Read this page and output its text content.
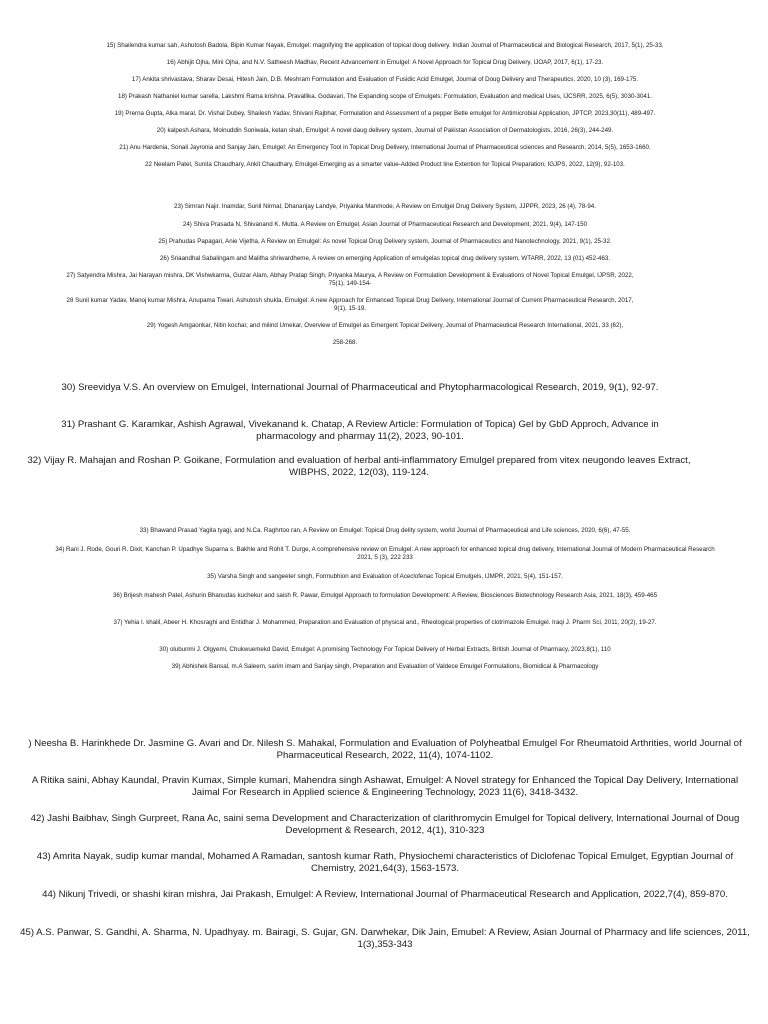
15) Shailendra kumar sah, Ashutosh Badola, Bipin Kumar Nayak, Emulgel: magnifying the application of topical doug delivery. Indian Journal of Pharmaceutical and Biological Research, 2017, 5(1), 25-33.

16) Abhijit Ojha, Mini Ojha, and N.V. Satheesh Madhav, Recent Advancement in Emulgel: A Novel Approach for Topical Drug Delivery, IJOAP, 2017, 6(1), 17-23.

17) Ankita shrivastava, Sharav Desai, Hitesh Jain, D.B. Meshram Formulation and Evaluation of Fusidic Acid Emulgel, Journal of Doug Delivery and Therapeutics, 2020, 10 (3), 169-175.

18) Prakash Nathaniel kumar sarella, Lakshmi Rama krishna. Pravallika. Godavari, The Expanding scope of Emulgels: Formulation, Evaluation and medical Uses, IJCSRR, 2025, 6(5), 3030-3041.

19) Prerna Gupta, Alka maral, Dr. Vishal Dubey, Shailesh Yadav, Shivani Rajbhar, Formulation and Assessment of a pepper Betle emulgel for Antimicrobial Application, JPTCP, 2023,30(11), 489-497.

20) kalpesh Ashara, Moinuddin Soniwala, ketan shah, Emulgel: A novel daug delivery system, Journal of Pakistan Association of Dermatologists, 2016, 26(3), 244-249.

21) Anu Hardenia, Sonali Jayronia and Sanjay Jain, Emulgel: An Emergency Tool in Topical Drug Delivery, International Journal of Pharmaceutical sciences and Research, 2014, 5(5), 1653-1660.

22 Neelam Patel, Sunita Chaudhary, Ankit Chaudhary, Emulgel-Emerging as a smarter value-Added Product line Extention for Topical Preparation, IGJPS, 2022, 12(9), 92-103.

23) Simran Najir. Inamdar, Sunil Nirmal, Dhananjay Landye, Priyanka Manmode, A Review on Emulgel Drug Delivery System, JJPPR, 2023, 26 (4), 78-94.

24) Shiva Prasada N, Shivanand K. Mutta. A Review on Emulgel, Asian Journal of Pharmaceutical Research and Development, 2021, 9(4), 147-150

25) Prahudas Papagari, Anie Vijetha, A Review on Emulgel: As novel Topical Drug Delivery system, Journal of Pharmaceutics and Nanotechnology, 2021, 9(1), 25-32.

26) Sriaandhal Sabalingam and Malitha shriwardheme, A review on emerging Application of emulgelas topical drug delivery system, WTARR, 2022, 13 (01) 452-463.

27) Satyendra Mishra, Jai Narayan mishra, DK Vishwkarma, Gulzar Alam, Abhay Pratap Singh, Priyanka Maurya, A Review on Formulation Development & Evaluations of Novel Topical Emulgel, IJPSR, 2022, 75(1), 149-154-

28 Sunil kumar Yadav, Manoj kumar Mishra, Anupama Tiwari, Ashutosh shukla, Emulgel: A new Approach for Enhanced Topical Drug Delivery, International Journal of Current Pharmaceutical Research, 2017, 9(1), 15-19.

29) Yogesh Amgaonkar, Nitin kochar, and milind Umekar, Overview of Emulgel as Emergent Topical Delivery, Journal of Pharmaceutical Research International, 2021, 33 (62),

258-268.

30) Sreevidya V.S. An overview on Emulgel, International Journal of Pharmaceutical and Phytopharmacological Research, 2019, 9(1), 92-97.

31) Prashant G. Karamkar, Ashish Agrawal, Vivekanand k. Chatap, A Review Article: Formulation of Topica) Gel by GbD Approch, Advance in pharmacology and pharmay 11(2), 2023, 90-101.

32) Vijay R. Mahajan and Roshan P. Goikane, Formulation and evaluation of herbal anti-inflammatory Emulgel prepared from vitex neugondo leaves Extract, WIBPHS, 2022, 12(03), 119-124.

33) Bhawand Prasad Yagita tyagi, and N.Ca. Raghrtoo ran, A Review on Emulgel: Topical Drug delity system, world Journal of Pharmaceutical and Life sciences, 2020, 6(6), 47-55.

34) Rani J. Rode, Gouri R. Dixit, Kanchan P. Upadhye Suparna s. Bakhle and Rohit T. Durge, A comprehensive review on Emulgel: A new approach for enhanced topical drug delivery, International Journal of Modern Pharmaceutical Research 2021, 5 (3), 222 233

35) Varsha Singh and sangeeter singh, Formubhion and Evaluation of Aceclofenac Topical Emulgels, IJMPR, 2021, 5(4), 151-157.

36) Brijesh mahesh Patel, Ashurin Bhanudas kuchekur and saish R. Pawar, Emulgel Approach to formulation Development: A Review, Biosciences Biotechnology Research Asia, 2021, 18(3), 459-465

37) Yehia I. khalil, Abeer H. Khosraghi and Entidhar J. Mohammed, Preparation and Evaluation of physical and., Rheological properties of clotrimazole Emulgel. Iraqi J. Pharm Sci, 2011, 20(2), 19-27.

30) olubunmi J. Olgyemi, Chukwuemekd David, Emulgel: A promising Technology For Topical Delivery of Herbal Extracts, British Journal of Pharmacy, 2023,8(1), 110

39) Abhishek Bansal, m.A Saleem, sarim imam and Sanjay singh, Preparation and Evaluation of Valdece Emulgel Formulations, Biomidical & Pharmacology

) Neesha B. Harinkhede Dr. Jasmine G. Avari and Dr. Nilesh S. Mahakal, Formulation and Evaluation of Polyheatbal Emulgel For Rheumatoid Arthrities, world Journal of Pharmaceutical Research, 2022, 11(4), 1074-1102.

A Ritika saini, Abhay Kaundal, Pravin Kumax, Simple kumari, Mahendra singh Ashawat, Emulgel: A Novel strategy for Enhanced the Topical Day Delivery, International Jaimal For Research in Applied science & Engineering Technology, 2023 11(6), 3418-3432.

42) Jashi Baibhav, Singh Gurpreet, Rana Ac, saini sema Development and Characterization of clarithromycin Emulgel for Topical delivery, International Journal of Doug Development & Research, 2012, 4(1), 310-323

43) Amrita Nayak, sudip kumar mandal, Mohamed A Ramadan, santosh kumar Rath, Physiochemi characteristics of Diclofenac Topical Emulget, Egyptian Journal of Chemistry, 2021,64(3), 1563-1573.

44) Nikunj Trivedi, or shashi kiran mishra, Jai Prakash, Emulgel: A Review, International Journal of Pharmaceutical Research and Application, 2022,7(4), 859-870.

45) A.S. Panwar, S. Gandhi, A. Sharma, N. Upadhyay. m. Bairagi, S. Gujar, GN. Darwhekar, Dik Jain, Emubel: A Review, Asian Journal of Pharmacy and life sciences, 2011, 1(3),353-343
